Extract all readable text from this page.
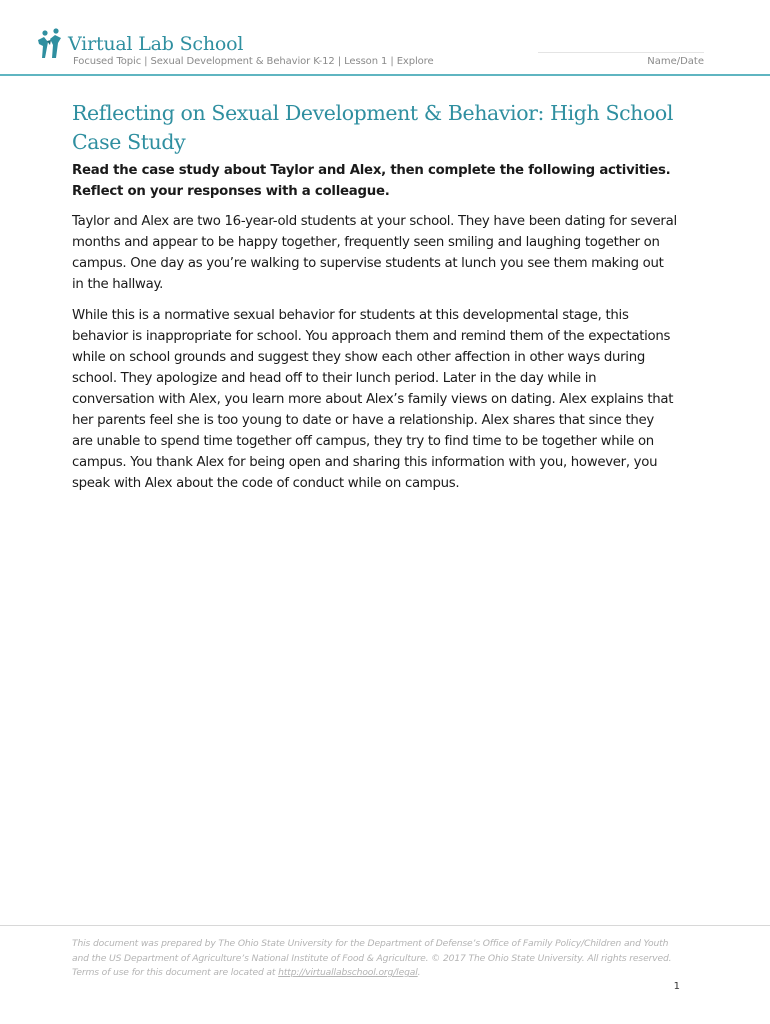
Virtual Lab School
Focused Topic | Sexual Development & Behavior K-12 | Lesson 1 | Explore	Name/Date
Reflecting on Sexual Development & Behavior: High School Case Study

Read the case study about Taylor and Alex, then complete the following activities. Reflect on your responses with a colleague.

Taylor and Alex are two 16-year-old students at your school. They have been dating for several months and appear to be happy together, frequently seen smiling and laughing together on campus. One day as you’re walking to supervise students at lunch you see them making out in the hallway.

While this is a normative sexual behavior for students at this developmental stage, this behavior is inappropriate for school. You approach them and remind them of the expectations while on school grounds and suggest they show each other affection in other ways during school. They apologize and head off to their lunch period. Later in the day while in conversation with Alex, you learn more about Alex’s family views on dating. Alex explains that her parents feel she is too young to date or have a relationship. Alex shares that since they are unable to spend time together off campus, they try to find time to be together while on campus. You thank Alex for being open and sharing this information with you, however, you speak with Alex about the code of conduct while on campus.

This document was prepared by The Ohio State University for the Department of Defense’s Office of Family Policy/Children and Youth and the US Department of Agriculture’s National Institute of Food & Agriculture. © 2017 The Ohio State University. All rights reserved. Terms of use for this document are located at http://virtuallabschool.org/legal.

1
